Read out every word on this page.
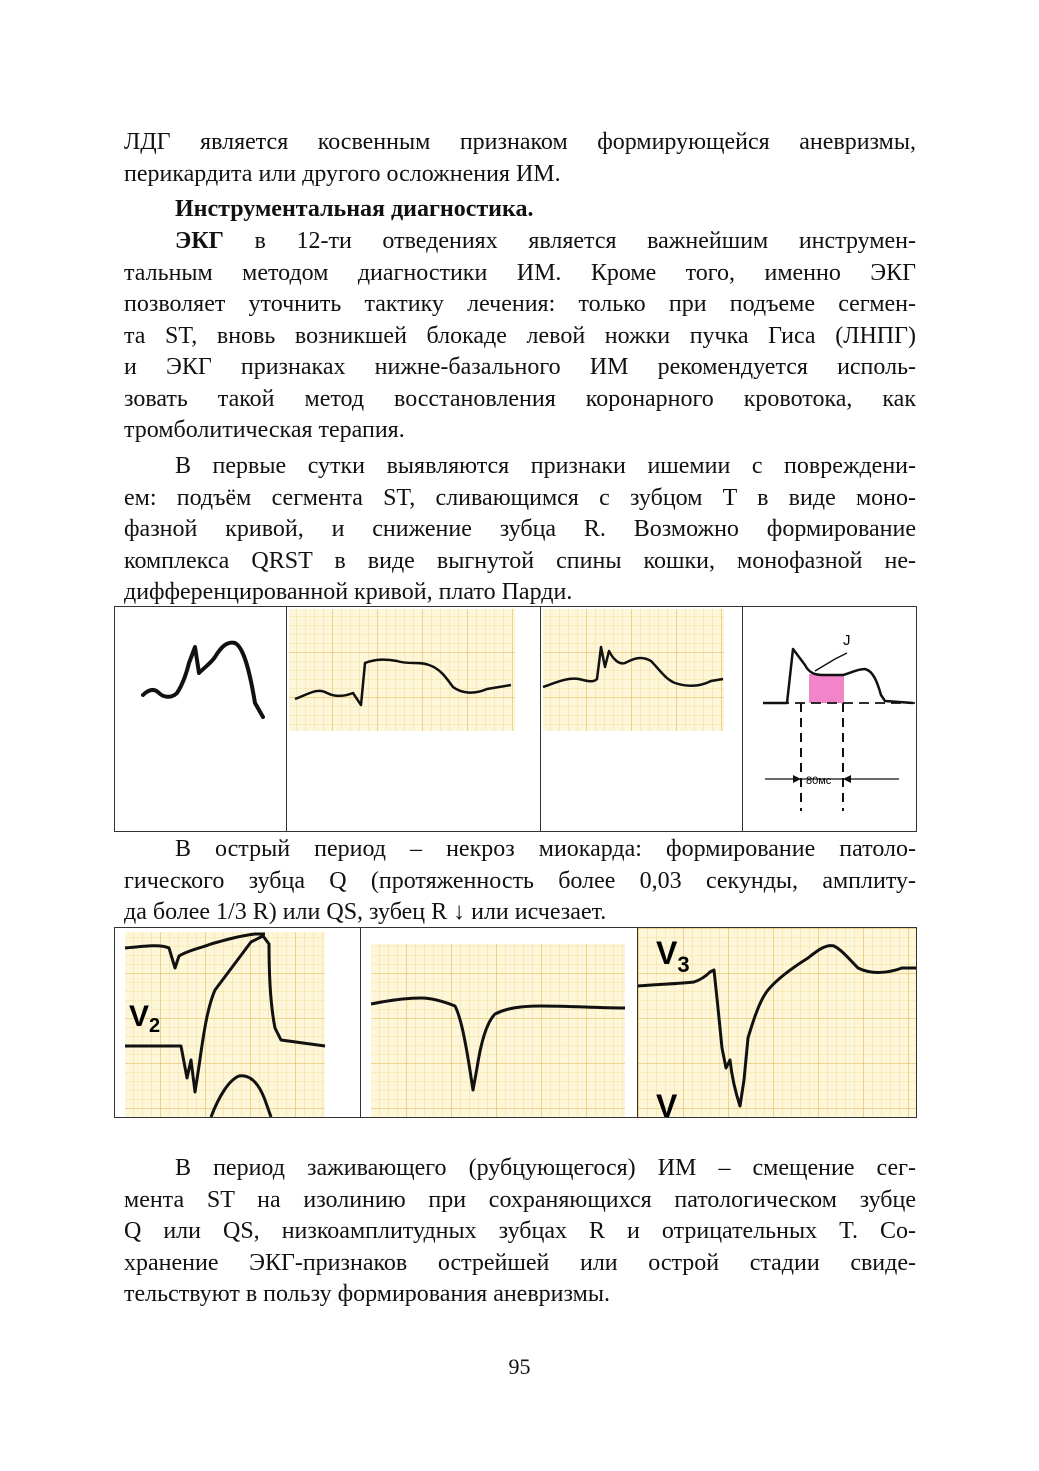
ЛДГ является косвенным признаком формирующейся аневризмы,
перикардита или другого осложнения ИМ.
Инструментальная диагностика.
ЭКГ в 12-ти отведениях является важнейшим инструмен-
тальным методом диагностики ИМ. Кроме того, именно ЭКГ
позволяет уточнить тактику лечения: только при подъеме сегмен-
та ST, вновь возникшей блокаде левой ножки пучка Гиса (ЛНПГ)
и ЭКГ признаках нижне-базального ИМ рекомендуется исполь-
зовать такой метод восстановления коронарного кровотока, как
тромболитическая терапия.
В первые сутки выявляются признаки ишемии с повреждени-
ем: подъём сегмента ST, сливающимся с зубцом T в виде моно-
фазной кривой, и снижение зубца R. Возможно формирование
комплекса QRST в виде выгнутой спины кошки, монофазной не-
дифференцированной кривой, плато Парди.
J
80мс
В острый период – некроз миокарда: формирование патоло-
гического зубца Q (протяженность более 0,03 секунды, амплиту-
да более 1/3 R) или QS, зубец R ↓ или исчезает.
$V_2$
$V_3$
V
В период заживающего (рубцующегося) ИМ – смещение сег-
мента ST на изолинию при сохраняющихся патологическом зубце
Q или QS, низкоамплитудных зубцах R и отрицательных T. Со-
хранение ЭКГ-признаков острейшей или острой стадии свиде-
тельствуют в пользу формирования аневризмы.
95
